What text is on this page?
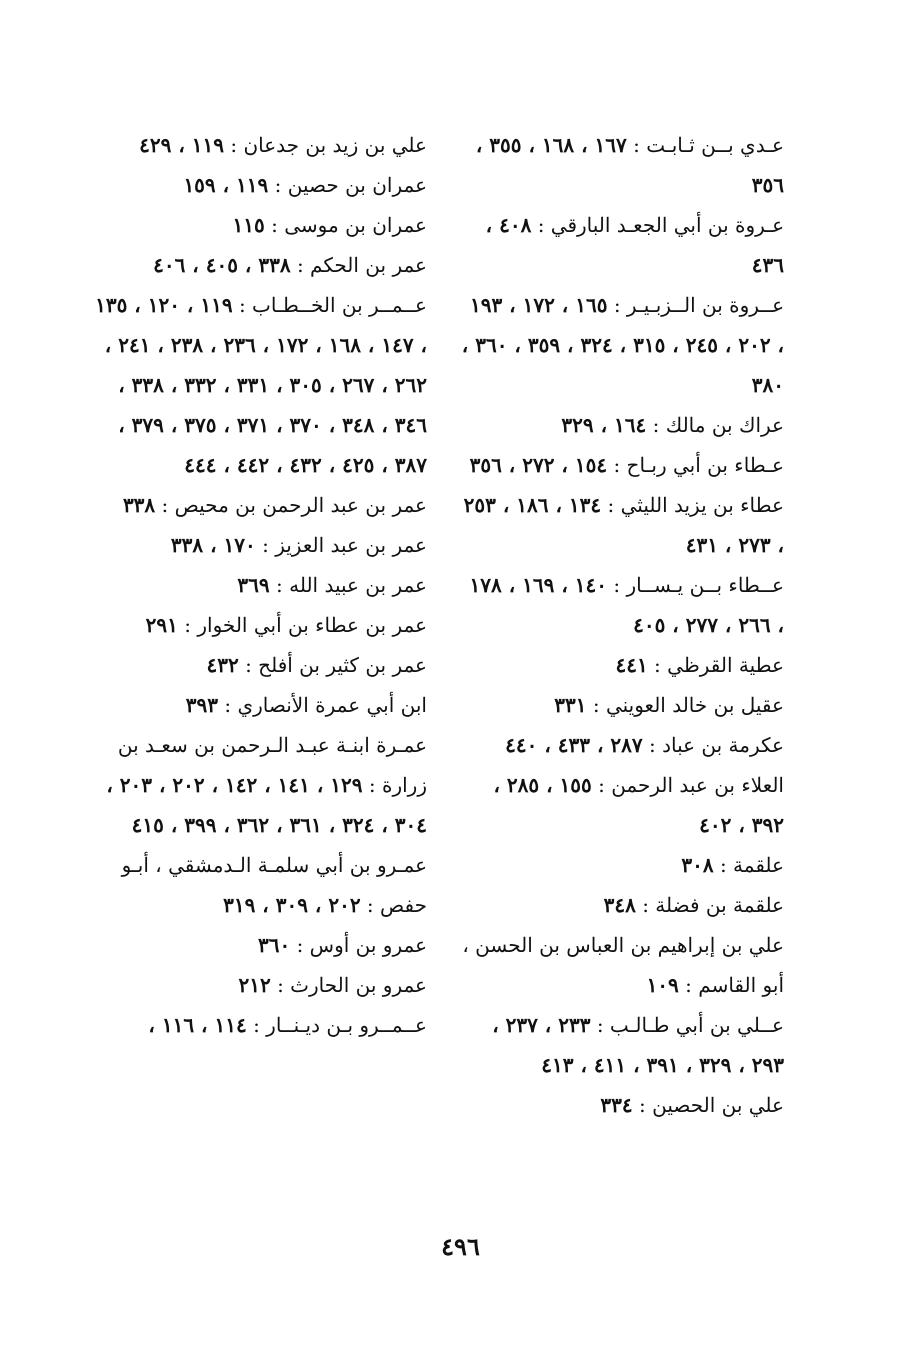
عـدي بــن ثـابـت : ١٦٧ ، ١٦٨ ، ٣٥٥ ، ٣٥٦

عـروة بن أبي الجعـد البارقي : ٤٠٨ ، ٤٣٦

عــروة بن الــزبـيـر : ١٦٥ ، ١٧٢ ، ١٩٣ ، ٢٠٢ ، ٢٤٥ ، ٣١٥ ، ٣٢٤ ، ٣٥٩ ، ٣٦٠ ، ٣٨٠

عراك بن مالك : ١٦٤ ، ٣٢٩

عـطاء بن أبي ربـاح : ١٥٤ ، ٢٧٢ ، ٣٥٦

عطاء بن يزيد الليثي : ١٣٤ ، ١٨٦ ، ٢٥٣ ، ٢٧٣ ، ٤٣١

عــطاء بــن يـســار : ١٤٠ ، ١٦٩ ، ١٧٨ ، ٢٦٦ ، ٢٧٧ ، ٤٠٥

عطية القرظي : ٤٤١

عقيل بن خالد العويني : ٣٣١

عكرمة بن عباد : ٢٨٧ ، ٤٣٣ ، ٤٤٠

العلاء بن عبد الرحمن : ١٥٥ ، ٢٨٥ ، ٣٩٢ ، ٤٠٢

علقمة : ٣٠٨

علقمة بن فضلة : ٣٤٨

علي بن إبراهيم بن العباس بن الحسن ، أبو القاسم : ١٠٩

عــلي بن أبي طـالـب : ٢٣٣ ، ٢٣٧ ، ٢٩٣ ، ٣٢٩ ، ٣٩١ ، ٤١١ ، ٤١٣

علي بن الحصين : ٣٣٤

علي بن زيد بن جدعان : ١١٩ ، ٤٢٩

عمران بن حصين : ١١٩ ، ١٥٩

عمران بن موسى : ١١٥

عمر بن الحكم : ٣٣٨ ، ٤٠٥ ، ٤٠٦

عــمــر بن الخــطـاب : ١١٩ ، ١٢٠ ، ١٣٥ ، ١٤٧ ، ١٦٨ ، ١٧٢ ، ٢٣٦ ، ٢٣٨ ، ٢٤١ ، ٢٦٢ ، ٢٦٧ ، ٣٠٥ ، ٣٣١ ، ٣٣٢ ، ٣٣٨ ، ٣٤٦ ، ٣٤٨ ، ٣٧٠ ، ٣٧١ ، ٣٧٥ ، ٣٧٩ ، ٣٨٧ ، ٤٢٥ ، ٤٣٢ ، ٤٤٢ ، ٤٤٤

عمر بن عبد الرحمن بن محيص : ٣٣٨

عمر بن عبد العزيز : ١٧٠ ، ٣٣٨

عمر بن عبيد الله : ٣٦٩

عمر بن عطاء بن أبي الخوار : ٢٩١

عمر بن كثير بن أفلح : ٤٣٢

ابن أبي عمرة الأنصاري : ٣٩٣

عمـرة ابنـة عبـد الـرحمن بن سعـد بن زرارة : ١٢٩ ، ١٤١ ، ١٤٢ ، ٢٠٢ ، ٢٠٣ ، ٣٠٤ ، ٣٢٤ ، ٣٦١ ، ٣٦٢ ، ٣٩٩ ، ٤١٥

عمـرو بن أبي سلمـة الـدمشقي ، أبـو حفص : ٢٠٢ ، ٣٠٩ ، ٣١٩

عمرو بن أوس : ٣٦٠

عمرو بن الحارث : ٢١٢

عــمــرو بـن ديـنــار : ١١٤ ، ١١٦ ،

٤٩٦
